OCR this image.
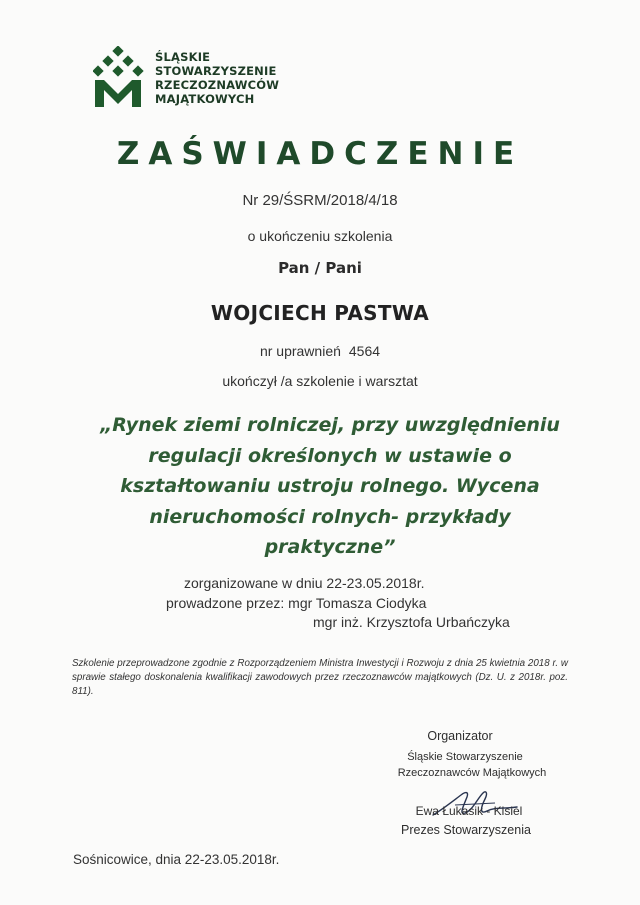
ŚLĄSKIE
STOWARZYSZENIE
RZECZOZNAWCÓW
MAJĄTKOWYCH
ZAŚWIADCZENIE
Nr 29/ŚSRM/2018/4/18
o ukończeniu szkolenia
Pan / Pani
WOJCIECH PASTWA
nr uprawnień 4564
ukończył /a szkolenie i warsztat
„Rynek ziemi rolniczej, przy uwzględnieniu
regulacji określonych w ustawie o
kształtowaniu ustroju rolnego. Wycena
nieruchomości rolnych- przykłady
praktyczne”
zorganizowane w dniu 22-23.05.2018r.
prowadzone przez: mgr Tomasza Ciodyka
mgr inż. Krzysztofa Urbańczyka
Szkolenie przeprowadzone zgodnie z Rozporządzeniem Ministra Inwestycji i Rozwoju z dnia 25 kwietnia 2018 r. w sprawie stałego doskonalenia kwalifikacji zawodowych przez rzeczoznawców majątkowych (Dz. U. z 2018r. poz. 811).
Organizator
Śląskie Stowarzyszenie
Rzeczoznawców Majątkowych
Ewa Łukasik - Kisiel
Prezes Stowarzyszenia
Sośnicowice, dnia 22-23.05.2018r.
